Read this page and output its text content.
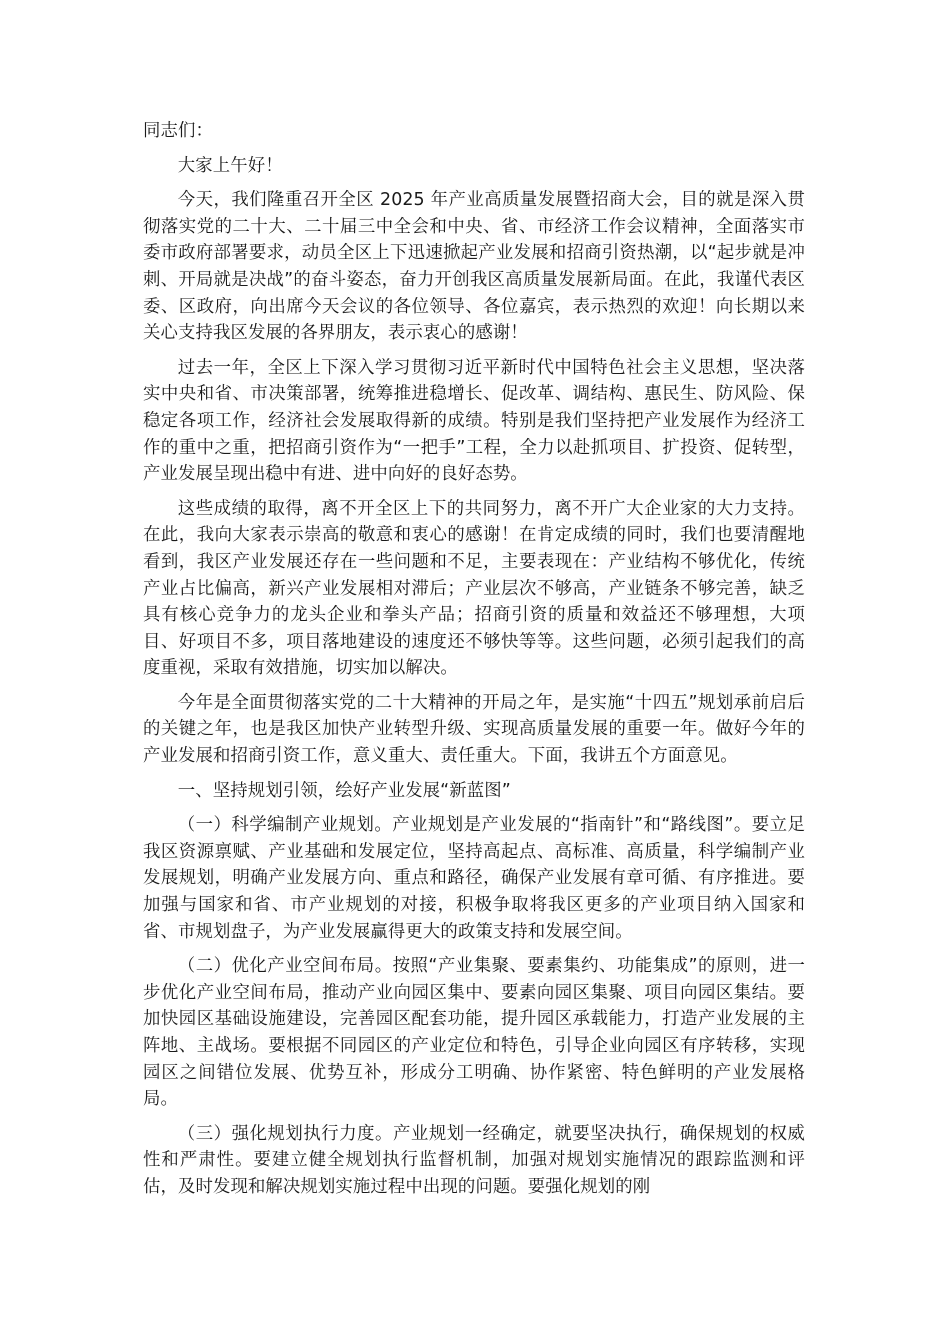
同志们：

大家上午好！

今天，我们隆重召开全区 2025 年产业高质量发展暨招商大会，目的就是深入贯彻落实党的二十大、二十届三中全会和中央、省、市经济工作会议精神，全面落实市委市政府部署要求，动员全区上下迅速掀起产业发展和招商引资热潮，以“起步就是冲刺、开局就是决战”的奋斗姿态，奋力开创我区高质量发展新局面。在此，我谨代表区委、区政府，向出席今天会议的各位领导、各位嘉宾，表示热烈的欢迎！向长期以来关心支持我区发展的各界朋友，表示衷心的感谢！

过去一年，全区上下深入学习贯彻习近平新时代中国特色社会主义思想，坚决落实中央和省、市决策部署，统筹推进稳增长、促改革、调结构、惠民生、防风险、保稳定各项工作，经济社会发展取得新的成绩。特别是我们坚持把产业发展作为经济工作的重中之重，把招商引资作为“一把手”工程，全力以赴抓项目、扩投资、促转型，产业发展呈现出稳中有进、进中向好的良好态势。

这些成绩的取得，离不开全区上下的共同努力，离不开广大企业家的大力支持。在此，我向大家表示崇高的敬意和衷心的感谢！在肯定成绩的同时，我们也要清醒地看到，我区产业发展还存在一些问题和不足，主要表现在：产业结构不够优化，传统产业占比偏高，新兴产业发展相对滞后；产业层次不够高，产业链条不够完善，缺乏具有核心竞争力的龙头企业和拳头产品；招商引资的质量和效益还不够理想，大项目、好项目不多，项目落地建设的速度还不够快等等。这些问题，必须引起我们的高度重视，采取有效措施，切实加以解决。

今年是全面贯彻落实党的二十大精神的开局之年，是实施“十四五”规划承前启后的关键之年，也是我区加快产业转型升级、实现高质量发展的重要一年。做好今年的产业发展和招商引资工作，意义重大、责任重大。下面，我讲五个方面意见。

一、坚持规划引领，绘好产业发展“新蓝图”

（一）科学编制产业规划。产业规划是产业发展的“指南针”和“路线图”。要立足我区资源禀赋、产业基础和发展定位，坚持高起点、高标准、高质量，科学编制产业发展规划，明确产业发展方向、重点和路径，确保产业发展有章可循、有序推进。要加强与国家和省、市产业规划的对接，积极争取将我区更多的产业项目纳入国家和省、市规划盘子，为产业发展赢得更大的政策支持和发展空间。

（二）优化产业空间布局。按照“产业集聚、要素集约、功能集成”的原则，进一步优化产业空间布局，推动产业向园区集中、要素向园区集聚、项目向园区集结。要加快园区基础设施建设，完善园区配套功能，提升园区承载能力，打造产业发展的主阵地、主战场。要根据不同园区的产业定位和特色，引导企业向园区有序转移，实现园区之间错位发展、优势互补，形成分工明确、协作紧密、特色鲜明的产业发展格局。

（三）强化规划执行力度。产业规划一经确定，就要坚决执行，确保规划的权威性和严肃性。要建立健全规划执行监督机制，加强对规划实施情况的跟踪监测和评估，及时发现和解决规划实施过程中出现的问题。要强化规划的刚
